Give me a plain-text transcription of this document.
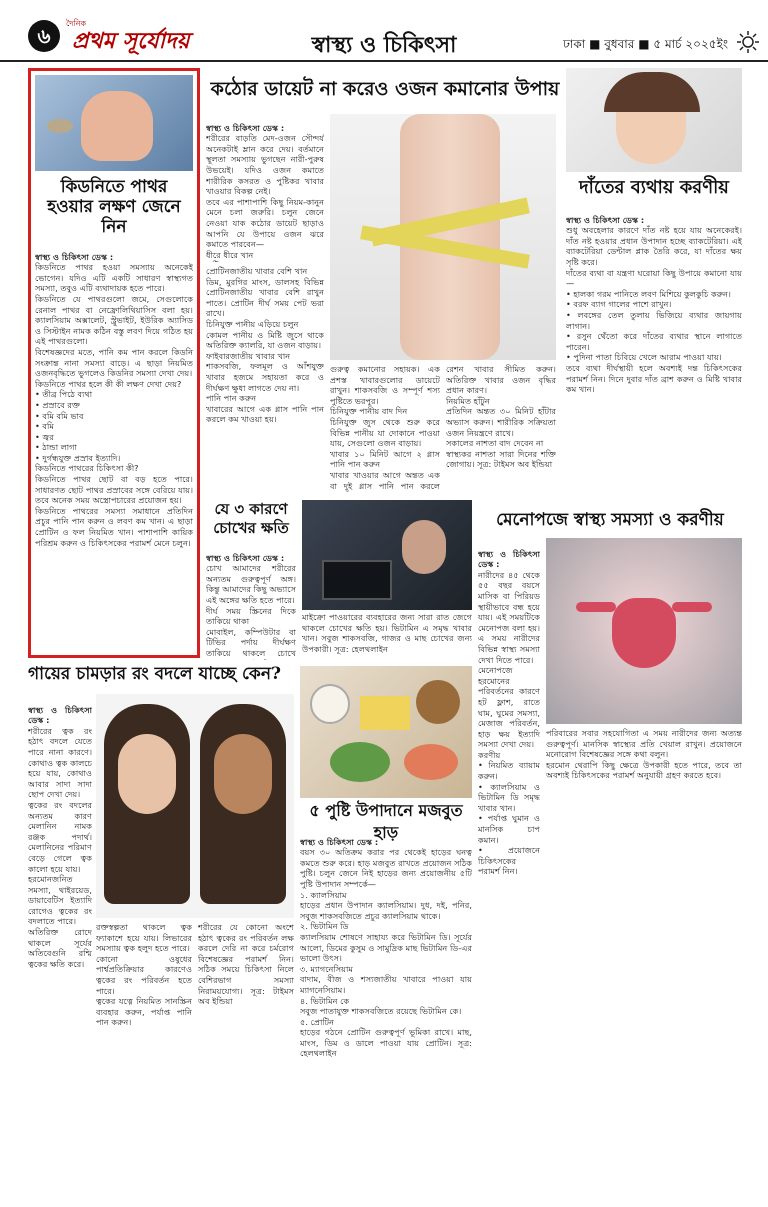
৬
দৈনিক
প্রথম সূর্যোদয়	স্বাস্থ্য ও চিকিৎসা	ঢাকা ■ বুধবার ■ ৫ মার্চ ২০২৫ইং
কিডনিতে পাথর হওয়ার লক্ষণ জেনে নিন

স্বাস্থ্য ও চিকিৎসা ডেস্ক :
কিডনিতে পাথর হওয়া সমস্যায় অনেকেই ভোগেন। যদিও এটি একটি সাধারণ স্বাস্থ্যগত সমস্যা, তবুও এটি ব্যথাদায়ক হতে পারে।
কিডনিতে যে পাথরগুলো জমে, সেগুলোকে রেনাল পাথর বা নেফ্রোলিথিয়াসিস বলা হয়। ক্যালসিয়াম অক্সালেট, স্ট্রুভাইট, ইউরিক অ্যাসিড ও সিস্টাইন নামক কঠিন বস্তু লবণ দিয়ে গঠিত হয় এই পাথরগুলো।
বিশেষজ্ঞদের মতে, পানি কম পান করলে কিডনি সংক্রান্ত নানা সমস্যা বাড়ে। এ ছাড়া নিয়মিত ওজনবৃদ্ধিতে ভুগলেও কিডনির সমস্যা দেখা দেয়।
কিডনিতে পাথর হলে কী কী লক্ষণ দেখা দেয়?
• তীব্র পিঠে ব্যথা
• প্রস্রাবে রক্ত
• বমি বমি ভাব
• বমি
• জ্বর
• ঠান্ডা লাগা
• দুর্গন্ধযুক্ত প্রস্রাব ইত্যাদি।
কিডনিতে পাথরের চিকিৎসা কী?
কিডনিতে পাথর ছোট বা বড় হতে পারে। সাধারণত ছোট পাথর প্রস্রাবের সঙ্গে বেরিয়ে যায়। তবে অনেক সময় অস্ত্রোপচারের প্রয়োজন হয়।
কিডনিতে পাথরের সমস্যা সমাধানে প্রতিদিন প্রচুর পানি পান করুন ও লবণ কম খান। এ ছাড়া প্রোটিন ও ফল নিয়মিত খান। পাশাপাশি কায়িক পরিশ্রম করুন ও চিকিৎসকের পরামর্শ মেনে চলুন।

কঠোর ডায়েট না করেও ওজন কমানোর উপায়

স্বাস্থ্য ও চিকিৎসা ডেস্ক :
শরীরের বাড়তি মেদ-ওজন সৌন্দর্য অনেকটাই ম্লান করে দেয়। বর্তমানে স্থূলতা সমস্যায় ভুগছেন নারী-পুরুষ উভয়েই। যদিও ওজন কমাতে শারীরিক কসরত ও পুষ্টিকর খাবার খাওয়ার বিকল্প নেই।
তবে এর পাশাপাশি কিছু নিয়ম-কানুন মেনে চলা জরুরি। চলুন জেনে নেওয়া যাক কঠোর ডায়েট ছাড়াও আপনি যে উপায়ে ওজন ঝরে কমাতে পারবেন—
ধীরে ধীরে খান

প্রোটিনজাতীয় খাবার বেশি খান
ডিম, মুরগির মাংস, ডালসহ বিভিন্ন প্রোটিনজাতীয় খাবার বেশি রাখুন পাতে। প্রোটিন দীর্ঘ সময় পেট ভরা রাখে।
চিনিযুক্ত পানীয় এড়িয়ে চলুন
কোমল পানীয় ও মিষ্টি জুসে থাকে অতিরিক্ত ক্যালরি, যা ওজন বাড়ায়।
ফাইবারজাতীয় খাবার খান
শাকসবজি, ফলমূল ও আঁশযুক্ত খাবার হজমে সহায়তা করে ও দীর্ঘক্ষণ ক্ষুধা লাগতে দেয় না।
পানি পান করুন
খাবারের আগে এক গ্লাস পানি পান করলে কম খাওয়া হয়।
গুরুত্ব কমানোর সহায়ক। এক প্রশস্ত খাবারগুলোর ডায়েটে রাখুন। শাকসবজি ও সম্পূর্ণ শস্য পুষ্টিতে ভরপুর।
চিনিযুক্ত পানীয় বাদ দিন
চিনিযুক্ত জুস থেকে শুরু করে বিভিন্ন পানীয় যা দোকানে পাওয়া যায়, সেগুলো ওজন বাড়ায়।
খাবার ১০ মিনিট আগে ২ গ্লাস পানি পান করুন
খাবার খাওয়ার আগে অন্তত এক বা দুই গ্লাস পানি পান করলে
রেশন খাবার সীমিত করুন। অতিরিক্ত খাবার ওজন বৃদ্ধির প্রধান কারণ।
নিয়মিত হাঁটুন
প্রতিদিন অন্তত ৩০ মিনিট হাঁটার অভ্যাস করুন। শারীরিক সক্রিয়তা ওজন নিয়ন্ত্রণে রাখে।
সকালের নাশতা বাদ দেবেন না
স্বাস্থ্যকর নাশতা সারা দিনের শক্তি জোগায়। সূত্র: টাইমস অব ইন্ডিয়া
দাঁতের ব্যথায় করণীয়

স্বাস্থ্য ও চিকিৎসা ডেস্ক :
শুধু অবহেলার কারণে দাঁত নষ্ট হয়ে যায় অনেকেরই। দাঁত নষ্ট হওয়ার প্রধান উপাদান হচ্ছে ব্যাকটেরিয়া। এই ব্যাকটেরিয়া ডেন্টাল প্লাক তৈরি করে, যা দাঁতের ক্ষয় সৃষ্টি করে।
দাঁতের ব্যথা বা যন্ত্রণা ঘরোয়া কিছু উপায়ে কমানো যায়—
• হালকা গরম পানিতে লবণ মিশিয়ে কুলকুচি করুন।
• বরফ ব্যাগ গালের পাশে রাখুন।
• লবঙ্গের তেল তুলায় ভিজিয়ে ব্যথার জায়গায় লাগান।
• রসুন থেঁতো করে দাঁতের ব্যথার স্থানে লাগাতে পারেন।
• পুদিনা পাতা চিবিয়ে খেলে আরাম পাওয়া যায়।
তবে ব্যথা দীর্ঘস্থায়ী হলে অবশ্যই দন্ত চিকিৎসকের পরামর্শ নিন। দিনে দুবার দাঁত ব্রাশ করুন ও মিষ্টি খাবার কম খান।

যে ৩ কারণে চোখের ক্ষতি

স্বাস্থ্য ও চিকিৎসা ডেস্ক :
চোখ আমাদের শরীরের অন্যতম গুরুত্বপূর্ণ অঙ্গ। কিন্তু আমাদের কিছু অভ্যাসে এই অঙ্গের ক্ষতি হতে পারে।
দীর্ঘ সময় স্ক্রিনের দিকে তাকিয়ে থাকা
মোবাইল, কম্পিউটার বা টিভির পর্দায় দীর্ঘক্ষণ তাকিয়ে থাকলে চোখে

মাইক্রো পাওয়ারের ব্যবহারের জন্য সারা রাত জেগে থাকলে চোখের ক্ষতি হয়। ভিটামিন এ সমৃদ্ধ খাবার খান। সবুজ শাকসবজি, গাজর ও মাছ চোখের জন্য উপকারী। সূত্র: হেলথলাইন
মেনোপজে স্বাস্থ্য সমস্যা ও করণীয়

স্বাস্থ্য ও চিকিৎসা ডেস্ক :
নারীদের ৪৫ থেকে ৫৫ বছর বয়সে মাসিক বা পিরিয়ড স্থায়ীভাবে বন্ধ হয়ে যায়। এই সময়টিকে মেনোপজ বলা হয়। এ সময় নারীদের বিভিন্ন স্বাস্থ্য সমস্যা দেখা দিতে পারে।
মেনোপজে হরমোনের পরিবর্তনের কারণে হট ফ্লাশ, রাতে ঘাম, ঘুমের সমস্যা, মেজাজ পরিবর্তন, হাড় ক্ষয় ইত্যাদি সমস্যা দেখা দেয়।
করণীয়
• নিয়মিত ব্যায়াম করুন।
• ক্যালসিয়াম ও ভিটামিন ডি সমৃদ্ধ খাবার খান।
• পর্যাপ্ত ঘুমান ও মানসিক চাপ কমান।
• প্রয়োজনে চিকিৎসকের পরামর্শ নিন।

পরিবারের সবার সহযোগিতা এ সময় নারীদের জন্য অত্যন্ত গুরুত্বপূর্ণ। মানসিক স্বাস্থ্যের প্রতি খেয়াল রাখুন। প্রয়োজনে মনোরোগ বিশেষজ্ঞের সঙ্গে কথা বলুন।
হরমোন থেরাপি কিছু ক্ষেত্রে উপকারী হতে পারে, তবে তা অবশ্যই চিকিৎসকের পরামর্শ অনুযায়ী গ্রহণ করতে হবে।
গায়ের চামড়ার রং বদলে যাচ্ছে কেন?

স্বাস্থ্য ও চিকিৎসা ডেস্ক :
শরীরের ত্বক রং হঠাৎ বদলে যেতে পারে নানা কারণে। কোথাও ত্বক কালচে হয়ে যায়, কোথাও আবার সাদা সাদা ছোপ দেখা দেয়।
ত্বকের রং বদলের অন্যতম কারণ মেলানিন নামক রঞ্জক পদার্থ। মেলানিনের পরিমাণ বেড়ে গেলে ত্বক কালো হয়ে যায়।
হরমোনজনিত সমস্যা, থাইরয়েড, ডায়াবেটিস ইত্যাদি রোগেও ত্বকের রং বদলাতে পারে।
অতিরিক্ত রোদে থাকলে সূর্যের অতিবেগুনি রশ্মি ত্বকের ক্ষতি করে।

রক্তস্বল্পতা থাকলে ত্বক ফ্যাকাশে হয়ে যায়। লিভারের সমস্যায় ত্বক হলুদ হতে পারে।
কোনো ওষুধের পার্শ্বপ্রতিক্রিয়ার কারণেও ত্বকের রং পরিবর্তন হতে পারে।
ত্বকের যত্নে নিয়মিত সানস্ক্রিন ব্যবহার করুন, পর্যাপ্ত পানি পান করুন।
শরীরের যে কোনো অংশে হঠাৎ ত্বকের রং পরিবর্তন লক্ষ করলে দেরি না করে চর্মরোগ বিশেষজ্ঞের পরামর্শ নিন। সঠিক সময়ে চিকিৎসা নিলে বেশিরভাগ সমস্যা নিরাময়যোগ্য। সূত্র: টাইমস অব ইন্ডিয়া
৫ পুষ্টি উপাদানে মজবুত হাড়

স্বাস্থ্য ও চিকিৎসা ডেস্ক :
বয়স ৩০ অতিক্রম করার পর থেকেই হাড়ের ঘনত্ব কমতে শুরু করে। হাড় মজবুত রাখতে প্রয়োজন সঠিক পুষ্টি। চলুন জেনে নিই হাড়ের জন্য প্রয়োজনীয় ৫টি পুষ্টি উপাদান সম্পর্কে—
১. ক্যালসিয়াম
হাড়ের প্রধান উপাদান ক্যালসিয়াম। দুধ, দই, পনির, সবুজ শাকসবজিতে প্রচুর ক্যালসিয়াম থাকে।
২. ভিটামিন ডি
ক্যালসিয়াম শোষণে সাহায্য করে ভিটামিন ডি। সূর্যের আলো, ডিমের কুসুম ও সামুদ্রিক মাছ ভিটামিন ডি-এর ভালো উৎস।
৩. ম্যাগনেসিয়াম
বাদাম, বীজ ও শস্যজাতীয় খাবারে পাওয়া যায় ম্যাগনেসিয়াম।
৪. ভিটামিন কে
সবুজ পাতাযুক্ত শাকসবজিতে রয়েছে ভিটামিন কে।
৫. প্রোটিন
হাড়ের গঠনে প্রোটিন গুরুত্বপূর্ণ ভূমিকা রাখে। মাছ, মাংস, ডিম ও ডালে পাওয়া যায় প্রোটিন। সূত্র: হেলথলাইন
